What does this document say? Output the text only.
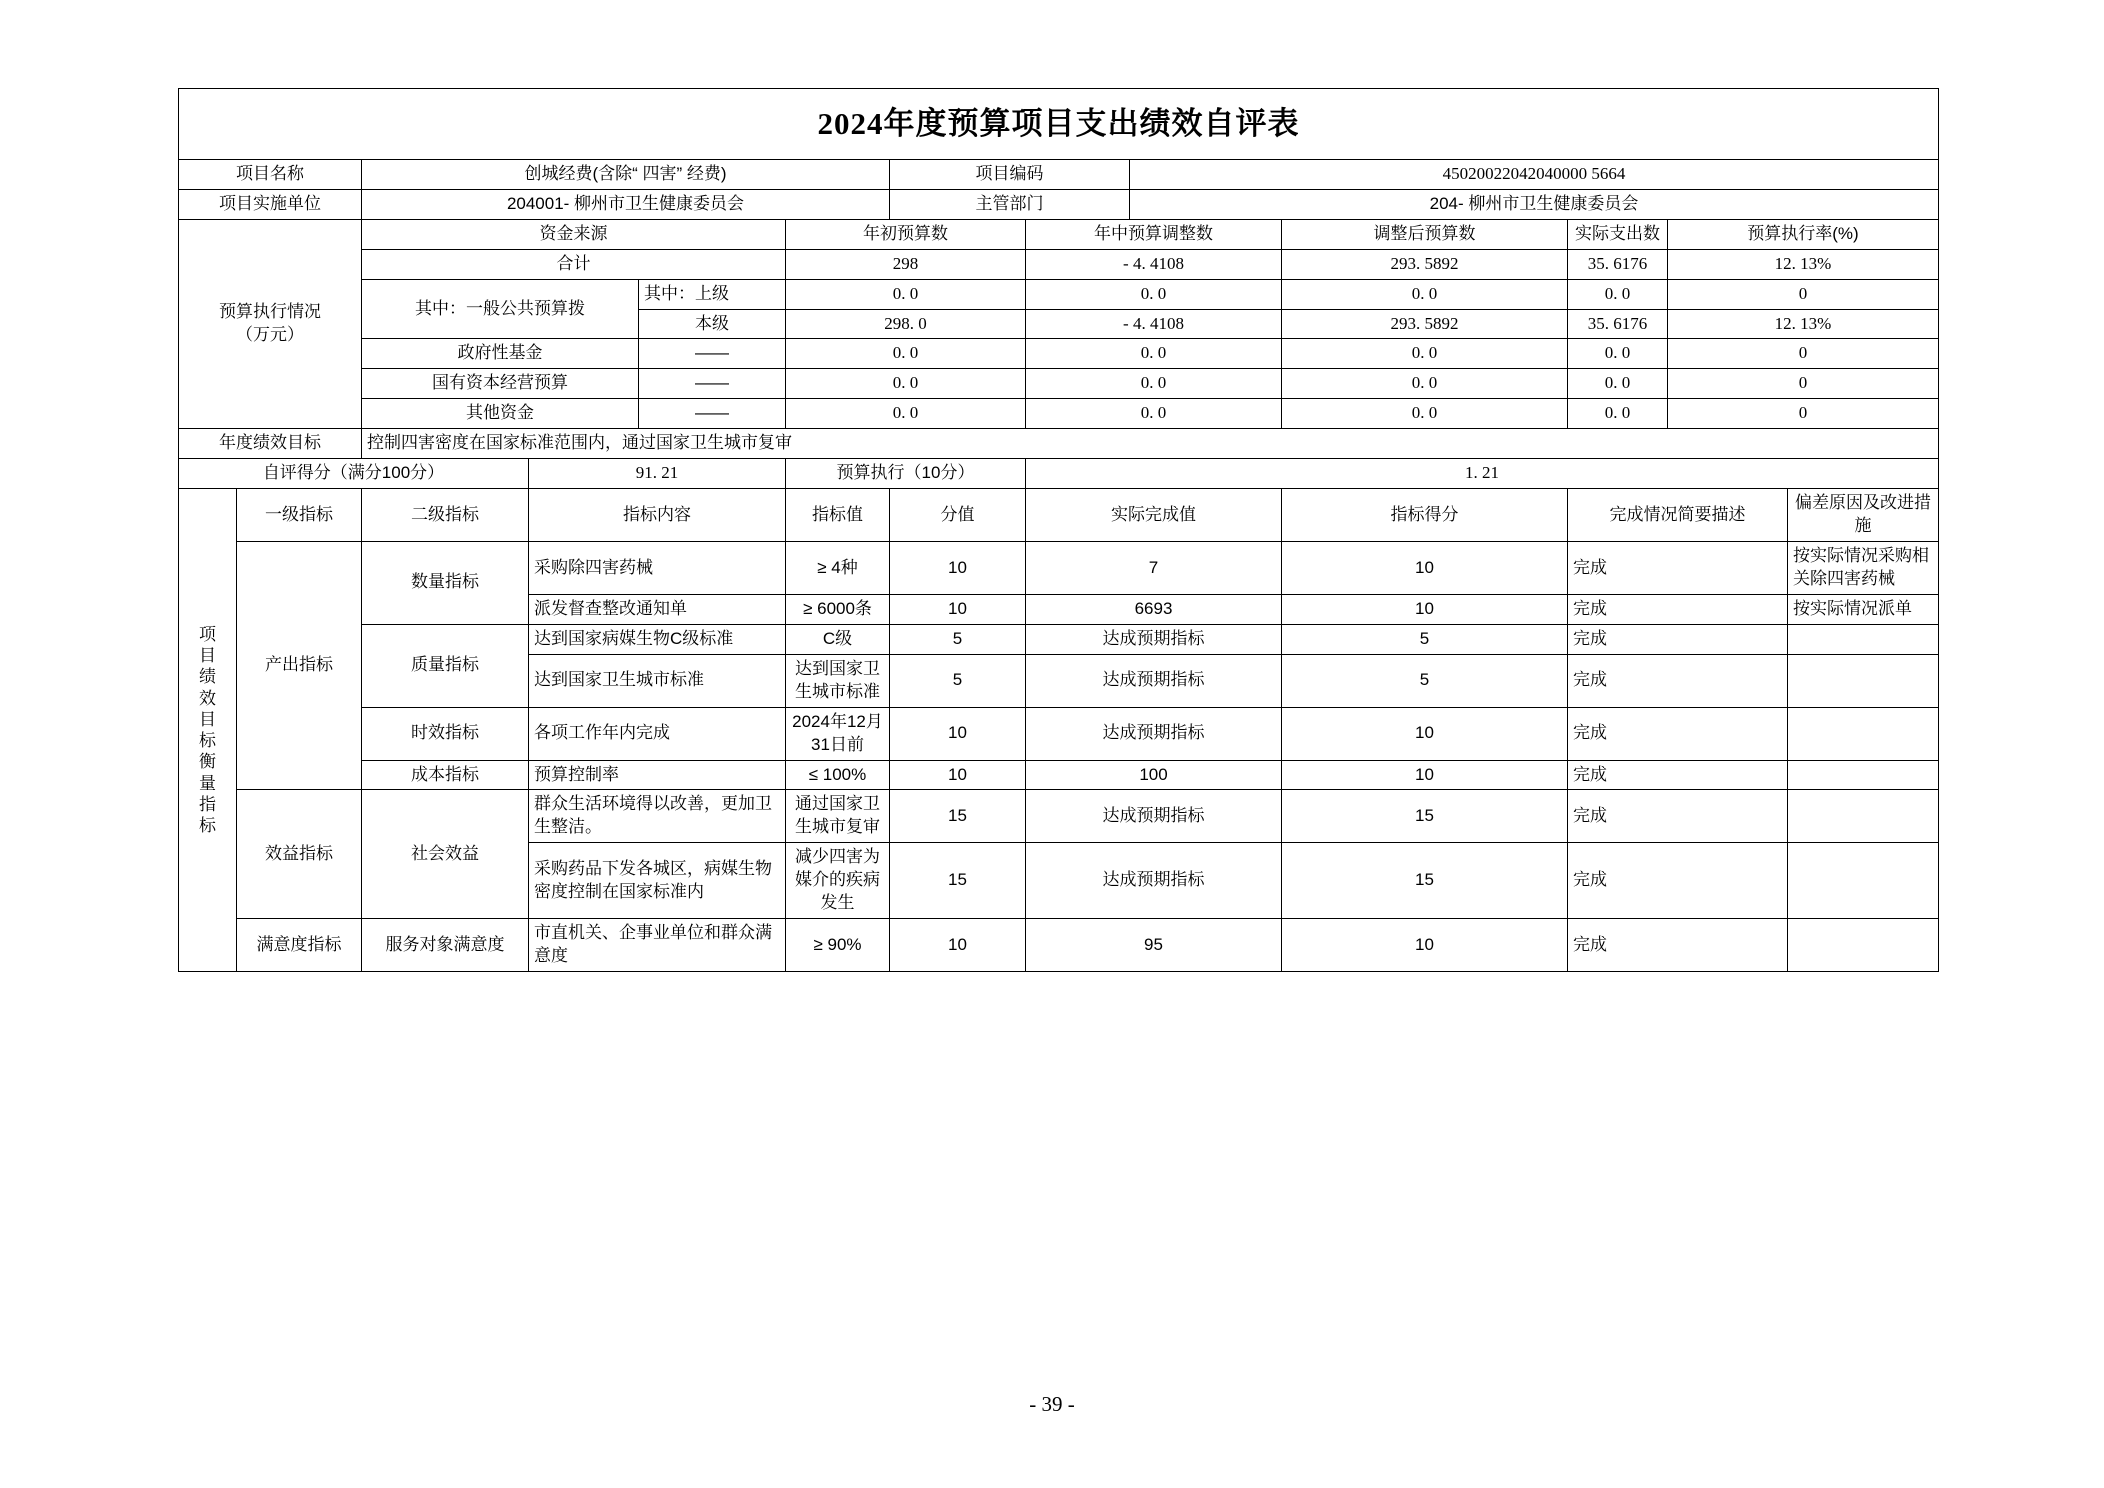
2024年度预算项目支出绩效自评表												
项目名称		创城经费(含除“ 四害” 经费)				项目编码		45020022042040000 5664				
项目实施单位		204001- 柳州市卫生健康委员会				主管部门		204- 柳州市卫生健康委员会				

预算执行情况
（万元）		资金来源			年初预算数		年中预算调整数		调整后预算数	实际支出数	预算执行率(%)	
		合计			298		- 4. 4108		293. 5892	35. 6176	12. 13%	
		其中：一般公共预算拨		其中：上级	0. 0		0. 0		0. 0	0. 0	0	
				本级	298. 0		- 4. 4108		293. 5892	35. 6176	12. 13%	
		政府性基金		——	0. 0		0. 0		0. 0	0. 0	0	
		国有资本经营预算		——	0. 0		0. 0		0. 0	0. 0	0	
		其他资金		——	0. 0		0. 0		0. 0	0. 0	0	
年度绩效目标		控制四害密度在国家标准范围内，通过国家卫生城市复审										
自评得分（满分100分）			91. 21		预算执行（10分）		1. 21					

项目绩效目标衡量指标	一级指标	二级指标	指标内容		指标值	分值	实际完成值		指标得分	完成情况简要描述		偏差原因及改进措施
	产出指标	数量指标	采购除四害药械		≥ 4种	10	7		10	完成		按实际情况采购相关除四害药械
			派发督查整改通知单		≥ 6000条	10	6693		10	完成		按实际情况派单
		质量指标	达到国家病媒生物C级标准		C级	5	达成预期指标		5	完成		
			达到国家卫生城市标准		达到国家卫生城市标准	5	达成预期指标		5	完成		
		时效指标	各项工作年内完成		2024年12月31日前	10	达成预期指标		10	完成		
		成本指标	预算控制率		≤ 100%	10	100		10	完成		
	效益指标	社会效益	群众生活环境得以改善，更加卫生整洁。		通过国家卫生城市复审	15	达成预期指标		15	完成		
			采购药品下发各城区，病媒生物密度控制在国家标准内		减少四害为媒介的疾病发生	15	达成预期指标		15	完成		
	满意度指标	服务对象满意度	市直机关、企事业单位和群众满意度		≥ 90%	10	95		10	完成		
- 39 -
